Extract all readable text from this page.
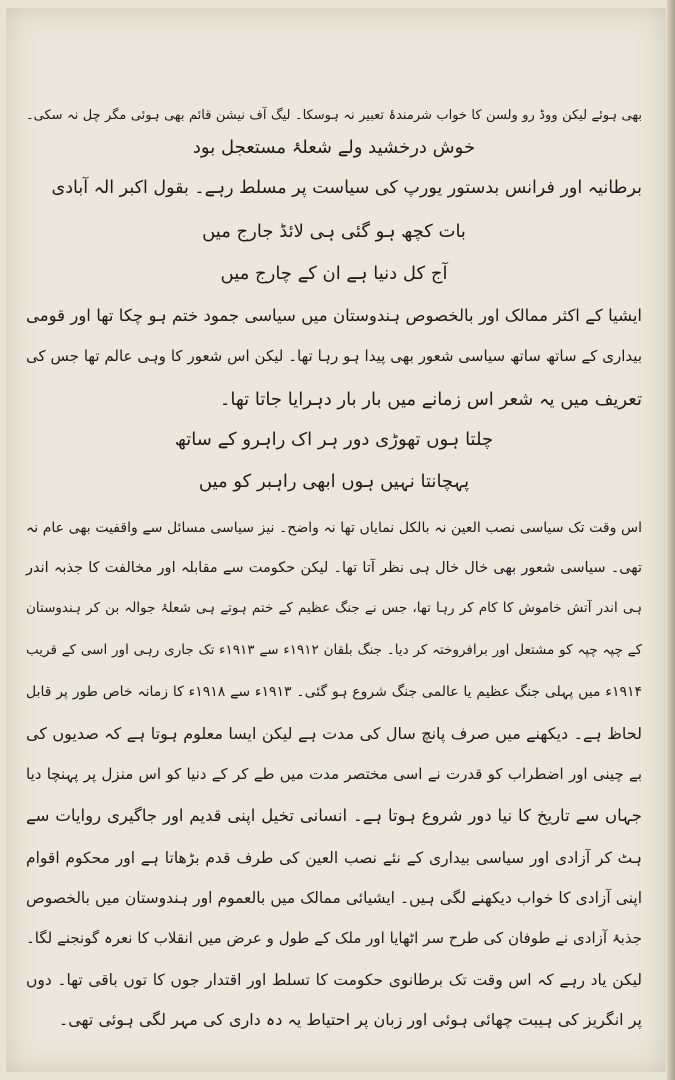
بھی ہوئے لیکن ووڈ رو ولسن کا خواب شرمندۂ تعبیر نہ ہوسکا۔ لیگ آف نیشن قائم بھی ہوئی مگر چل نہ سکی۔
خوش درخشید ولے شعلۂ مستعجل بود
برطانیہ اور فرانس بدستور یورپ کی سیاست پر مسلط رہے۔ بقول اکبر الہ آبادی
بات کچھ ہو گئی ہی لائڈ جارج میں
آج کل دنیا ہے ان کے چارج میں
ایشیا کے اکثر ممالک اور بالخصوص ہندوستان میں سیاسی جمود ختم ہو چکا تھا اور قومی
بیداری کے ساتھ ساتھ سیاسی شعور بھی پیدا ہو رہا تھا۔ لیکن اس شعور کا وہی عالم تھا جس کی
تعریف میں یہ شعر اس زمانے میں بار بار دہرایا جاتا تھا۔
چلتا ہوں تھوڑی دور ہر اک راہرو کے ساتھ
پہچانتا نہیں ہوں ابھی راہبر کو میں
اس وقت تک سیاسی نصب العین نہ بالکل نمایاں تھا نہ واضح۔ نیز سیاسی مسائل سے واقفیت بھی عام نہ
تھی۔ سیاسی شعور بھی خال خال ہی نظر آتا تھا۔ لیکن حکومت سے مقابلہ اور مخالفت کا جذبہ اندر
ہی اندر آتش خاموش کا کام کر رہا تھا، جس نے جنگ عظیم کے ختم ہوتے ہی شعلۂ جوالہ بن کر ہندوستان
کے چپہ چپہ کو مشتعل اور برافروختہ کر دیا۔ جنگ بلقان ۱۹۱۲ء سے ۱۹۱۳ء تک جاری رہی اور اسی کے قریب
۱۹۱۴ء میں پہلی جنگ عظیم یا عالمی جنگ شروع ہو گئی۔ ۱۹۱۳ء سے ۱۹۱۸ء کا زمانہ خاص طور پر قابل
لحاظ ہے۔ دیکھنے میں صرف پانچ سال کی مدت ہے لیکن ایسا معلوم ہوتا ہے کہ صدیوں کی
بے چینی اور اضطراب کو قدرت نے اسی مختصر مدت میں طے کر کے دنیا کو اس منزل پر پہنچا دیا
جہاں سے تاریخ کا نیا دور شروع ہوتا ہے۔ انسانی تخیل اپنی قدیم اور جاگیری روایات سے
ہٹ کر آزادی اور سیاسی بیداری کے نئے نصب العین کی طرف قدم بڑھاتا ہے اور محکوم اقوام
اپنی آزادی کا خواب دیکھنے لگی ہیں۔ ایشیائی ممالک میں بالعموم اور ہندوستان میں بالخصوص
جذبۂ آزادی نے طوفان کی طرح سر اٹھایا اور ملک کے طول و عرض میں انقلاب کا نعرہ گونجنے لگا۔
لیکن یاد رہے کہ اس وقت تک برطانوی حکومت کا تسلط اور اقتدار جوں کا توں باقی تھا۔ دوں
پر انگریز کی ہیبت چھائی ہوئی اور زبان پر احتیاط یہ دہ داری کی مہر لگی ہوئی تھی۔
